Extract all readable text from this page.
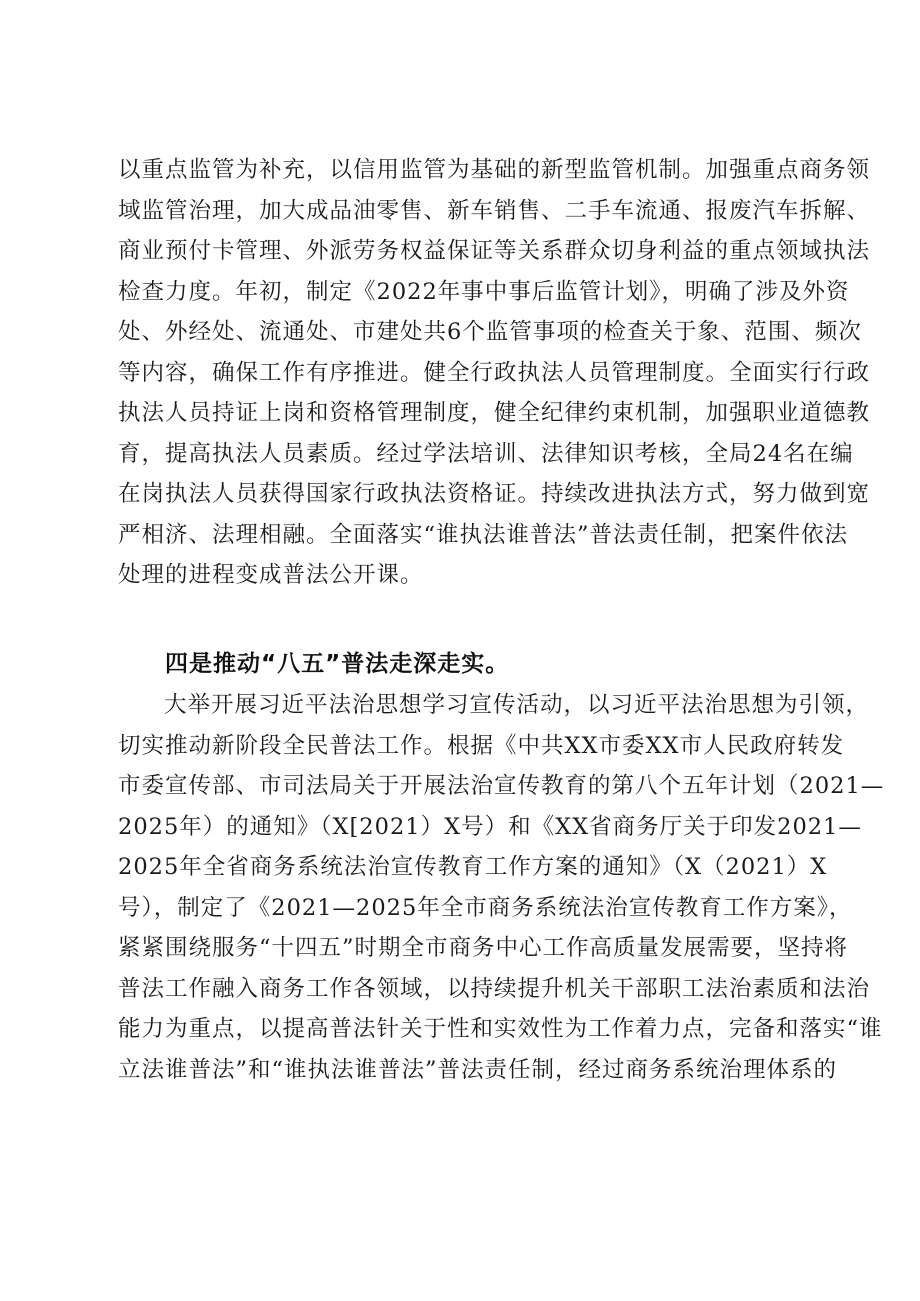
以重点监管为补充，以信用监管为基础的新型监管机制。加强重点商务领
域监管治理，加大成品油零售、新车销售、二手车流通、报废汽车拆解、
商业预付卡管理、外派劳务权益保证等关系群众切身利益的重点领域执法
检查力度。年初，制定《2022年事中事后监管计划》，明确了涉及外资
处、外经处、流通处、市建处共6个监管事项的检查关于象、范围、频次
等内容，确保工作有序推进。健全行政执法人员管理制度。全面实行行政
执法人员持证上岗和资格管理制度，健全纪律约束机制，加强职业道德教
育，提高执法人员素质。经过学法培训、法律知识考核，全局24名在编
在岗执法人员获得国家行政执法资格证。持续改进执法方式，努力做到宽
严相济、法理相融。全面落实“谁执法谁普法”普法责任制，把案件依法
处理的进程变成普法公开课。
四是推动“八五”普法走深走实。
大举开展习近平法治思想学习宣传活动，以习近平法治思想为引领，
切实推动新阶段全民普法工作。根据《中共XX市委XX市人民政府转发
市委宣传部、市司法局关于开展法治宣传教育的第八个五年计划（2021—
2025年）的通知》（X[2021）X号）和《XX省商务厅关于印发2021—
2025年全省商务系统法治宣传教育工作方案的通知》（X（2021）X
号），制定了《2021—2025年全市商务系统法治宣传教育工作方案》，
紧紧围绕服务“十四五”时期全市商务中心工作高质量发展需要，坚持将
普法工作融入商务工作各领域，以持续提升机关干部职工法治素质和法治
能力为重点，以提高普法针关于性和实效性为工作着力点，完备和落实“谁
立法谁普法”和“谁执法谁普法”普法责任制，经过商务系统治理体系的
